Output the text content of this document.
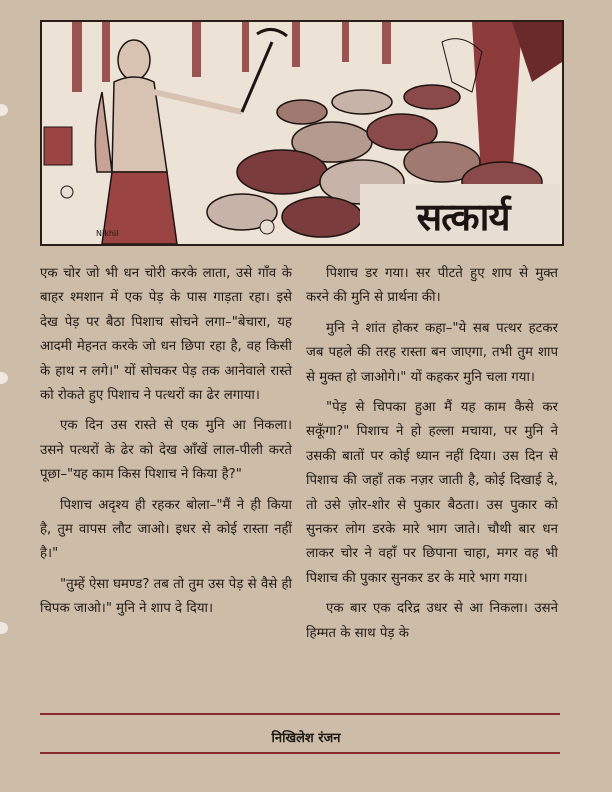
Nikhil	सत्कार्य

एक चोर जो भी धन चोरी करके लाता, उसे गाँव के बाहर श्मशान में एक पेड़ के पास गाड़ता रहा। इसे देख पेड़ पर बैठा पिशाच सोचने लगा–"बेचारा, यह आदमी मेहनत करके जो धन छिपा रहा है, वह किसी के हाथ न लगे।" यों सोचकर पेड़ तक आनेवाले रास्ते को रोकते हुए पिशाच ने पत्थरों का ढेर लगाया।

एक दिन उस रास्ते से एक मुनि आ निकला। उसने पत्थरों के ढेर को देख आँखें लाल-पीली करते पूछा–"यह काम किस पिशाच ने किया है?"

पिशाच अदृश्य ही रहकर बोला–"मैं ने ही किया है, तुम वापस लौट जाओ। इधर से कोई रास्ता नहीं है।"

"तुम्हें ऐसा घमण्ड? तब तो तुम उस पेड़ से वैसे ही चिपक जाओ।" मुनि ने शाप दे दिया।

पिशाच डर गया। सर पीटते हुए शाप से मुक्त करने की मुनि से प्रार्थना की।

मुनि ने शांत होकर कहा–"ये सब पत्थर हटकर जब पहले की तरह रास्ता बन जाएगा, तभी तुम शाप से मुक्त हो जाओगे।" यों कहकर मुनि चला गया।

"पेड़ से चिपका हुआ मैं यह काम कैसे कर सकूँगा?" पिशाच ने हो हल्ला मचाया, पर मुनि ने उसकी बातों पर कोई ध्यान नहीं दिया। उस दिन से पिशाच की जहाँ तक नज़र जाती है, कोई दिखाई दे, तो उसे ज़ोर-शोर से पुकार बैठता। उस पुकार को सुनकर लोग डरके मारे भाग जाते। चौथी बार धन लाकर चोर ने वहाँ पर छिपाना चाहा, मगर वह भी पिशाच की पुकार सुनकर डर के मारे भाग गया।

एक बार एक दरिद्र उधर से आ निकला। उसने हिम्मत के साथ पेड़ के

निखिलेश रंजन
